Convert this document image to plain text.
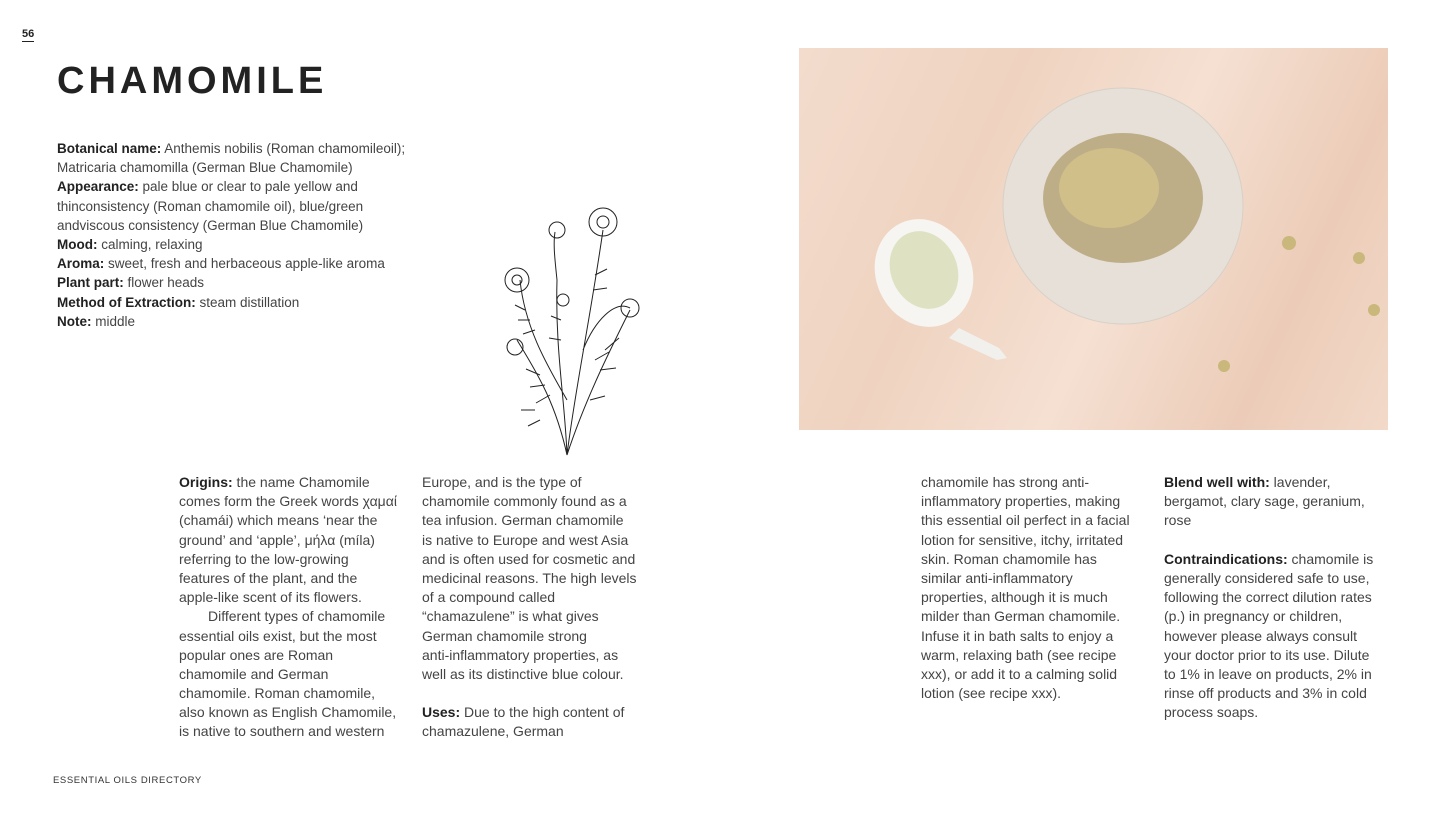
56
CHAMOMILE
Botanical name: Anthemis nobilis (Roman chamomileoil); Matricaria chamomilla (German Blue Chamomile)
Appearance: pale blue or clear to pale yellow and thinconsistency (Roman chamomile oil), blue/green andviscous consistency (German Blue Chamomile)
Mood: calming, relaxing
Aroma: sweet, fresh and herbaceous apple-like aroma
Plant part: flower heads
Method of Extraction: steam distillation
Note: middle
Origins: the name Chamomile
comes form the Greek words χαμαί
(chamái) which means ‘near the
ground’ and ‘apple’, μήλα (míla)
referring to the low-growing
features of the plant, and the
apple-like scent of its flowers.
Different types of chamomile
essential oils exist, but the most
popular ones are Roman
chamomile and German
chamomile. Roman chamomile,
also known as English Chamomile,
is native to southern and western
Europe, and is the type of
chamomile commonly found as a
tea infusion. German chamomile
is native to Europe and west Asia
and is often used for cosmetic and
medicinal reasons. The high levels
of a compound called
“chamazulene” is what gives
German chamomile strong
anti-inflammatory properties, as
well as its distinctive blue colour.
Uses: Due to the high content of
chamazulene, German
chamomile has strong anti-
inflammatory properties, making
this essential oil perfect in a facial
lotion for sensitive, itchy, irritated
skin. Roman chamomile has
similar anti-inflammatory
properties, although it is much
milder than German chamomile.
Infuse it in bath salts to enjoy a
warm, relaxing bath (see recipe
xxx), or add it to a calming solid
lotion (see recipe xxx).
Blend well with: lavender,
bergamot, clary sage, geranium,
rose
Contraindications: chamomile is
generally considered safe to use,
following the correct dilution rates
(p.) in pregnancy or children,
however please always consult
your doctor prior to its use. Dilute
to 1% in leave on products, 2% in
rinse off products and 3% in cold
process soaps.
ESSENTIAL OILS DIRECTORY
